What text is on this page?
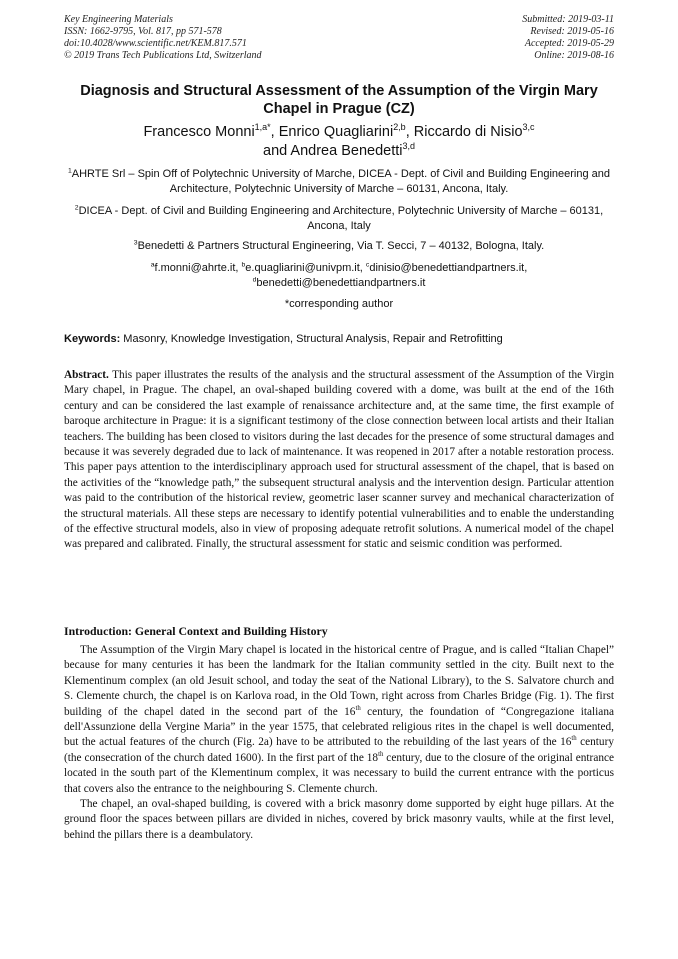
Key Engineering Materials
ISSN: 1662-9795, Vol. 817, pp 571-578
doi:10.4028/www.scientific.net/KEM.817.571
© 2019 Trans Tech Publications Ltd, Switzerland
Submitted: 2019-03-11
Revised: 2019-05-16
Accepted: 2019-05-29
Online: 2019-08-16
Diagnosis and Structural Assessment of the Assumption of the Virgin Mary Chapel in Prague (CZ)
Francesco Monni$^{1,a*}$, Enrico Quagliarini$^{2,b}$, Riccardo di Nisio$^{3,c}$
and Andrea Benedetti$^{3,d}$
$^1$AHRTE Srl – Spin Off of Polytechnic University of Marche, DICEA - Dept. of Civil and Building Engineering and Architecture, Polytechnic University of Marche – 60131, Ancona, Italy.
$^2$DICEA - Dept. of Civil and Building Engineering and Architecture, Polytechnic University of Marche – 60131, Ancona, Italy
$^3$Benedetti & Partners Structural Engineering, Via T. Secci, 7 – 40132, Bologna, Italy.
$^a$f.monni@ahrte.it, $^b$e.quagliarini@univpm.it, $^c$dinisio@benedettiandpartners.it,
$^d$benedetti@benedettiandpartners.it
*corresponding author
Keywords: Masonry, Knowledge Investigation, Structural Analysis, Repair and Retrofitting
Abstract. This paper illustrates the results of the analysis and the structural assessment of the Assumption of the Virgin Mary chapel, in Prague. The chapel, an oval-shaped building covered with a dome, was built at the end of the 16th century and can be considered the last example of renaissance architecture and, at the same time, the first example of baroque architecture in Prague: it is a significant testimony of the close connection between local artists and their Italian teachers. The building has been closed to visitors during the last decades for the presence of some structural damages and because it was severely degraded due to lack of maintenance. It was reopened in 2017 after a notable restoration process. This paper pays attention to the interdisciplinary approach used for structural assessment of the chapel, that is based on the activities of the “knowledge path,” the subsequent structural analysis and the intervention design. Particular attention was paid to the contribution of the historical review, geometric laser scanner survey and mechanical characterization of the structural materials. All these steps are necessary to identify potential vulnerabilities and to enable the understanding of the effective structural models, also in view of proposing adequate retrofit solutions. A numerical model of the chapel was prepared and calibrated. Finally, the structural assessment for static and seismic condition was performed.
Introduction: General Context and Building History

The Assumption of the Virgin Mary chapel is located in the historical centre of Prague, and is called “Italian Chapel” because for many centuries it has been the landmark for the Italian community settled in the city. Built next to the Klementinum complex (an old Jesuit school, and today the seat of the National Library), to the S. Salvatore church and S. Clemente church, the chapel is on Karlova road, in the Old Town, right across from Charles Bridge (Fig. 1). The first building of the chapel dated in the second part of the 16th century, the foundation of “Congregazione italiana dell'Assunzione della Vergine Maria” in the year 1575, that celebrated religious rites in the chapel is well documented, but the actual features of the church (Fig. 2a) have to be attributed to the rebuilding of the last years of the 16th century (the consecration of the church dated 1600). In the first part of the 18th century, due to the closure of the original entrance located in the south part of the Klementinum complex, it was necessary to build the current entrance with the porticus that covers also the entrance to the neighbouring S. Clemente church.

The chapel, an oval-shaped building, is covered with a brick masonry dome supported by eight huge pillars. At the ground floor the spaces between pillars are divided in niches, covered by brick masonry vaults, while at the first level, behind the pillars there is a deambulatory.
